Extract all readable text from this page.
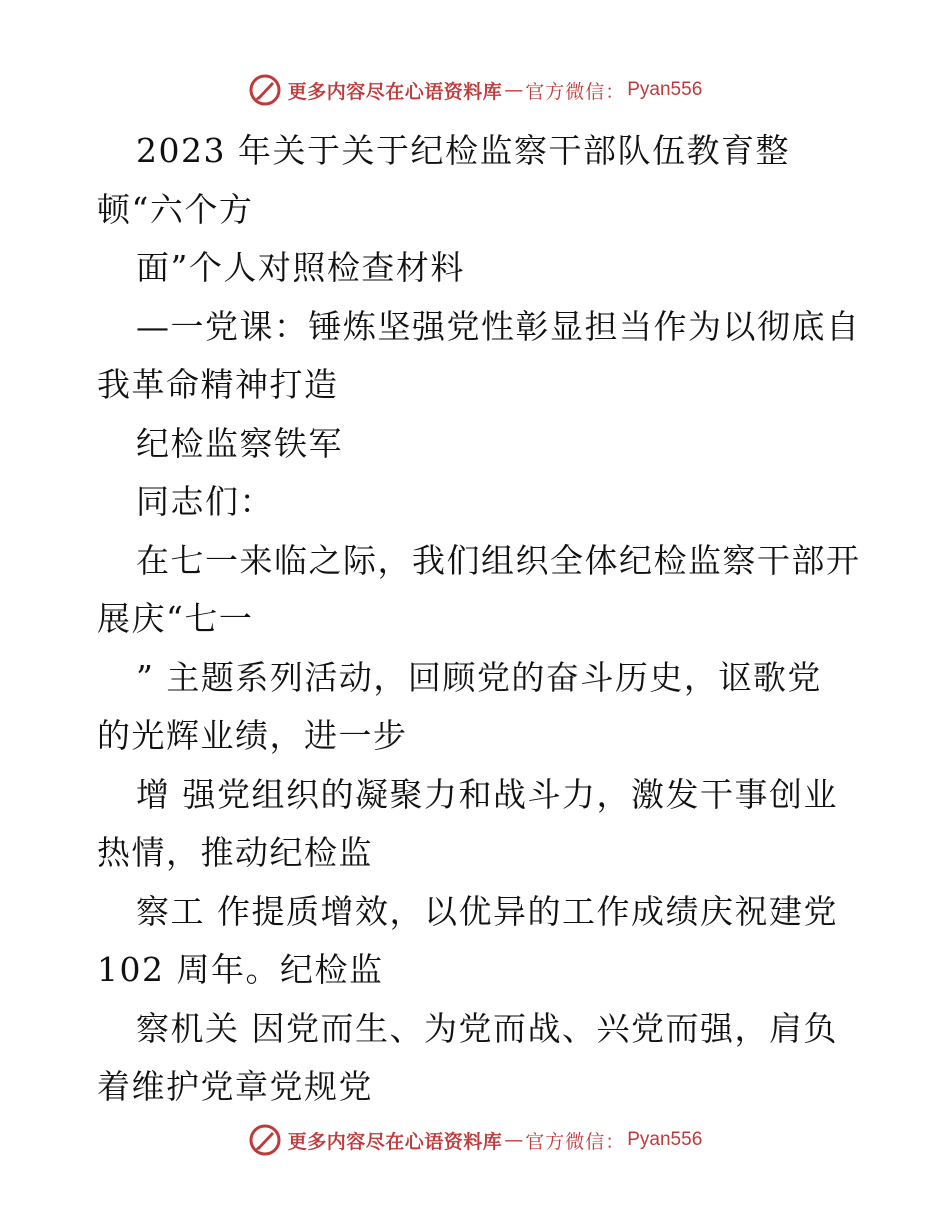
更多内容尽在心语资料库 — 官方微信： Pyan556
2023 年关于关于纪检监察干部队伍教育整
顿“六个方
面”个人对照检查材料
—一党课：锤炼坚强党性彰显担当作为以彻底自
我革命精神打造
纪检监察铁军
同志们：
在七一来临之际，我们组织全体纪检监察干部开
展庆“七一
” 主题系列活动，回顾党的奋斗历史，讴歌党
的光辉业绩，进一步
增 强党组织的凝聚力和战斗力，激发干事创业
热情，推动纪检监
察工 作提质增效，以优异的工作成绩庆祝建党
102 周年。纪检监
察机关 因党而生、为党而战、兴党而强，肩负
着维护党章党规党
更多内容尽在心语资料库 — 官方微信： Pyan556
